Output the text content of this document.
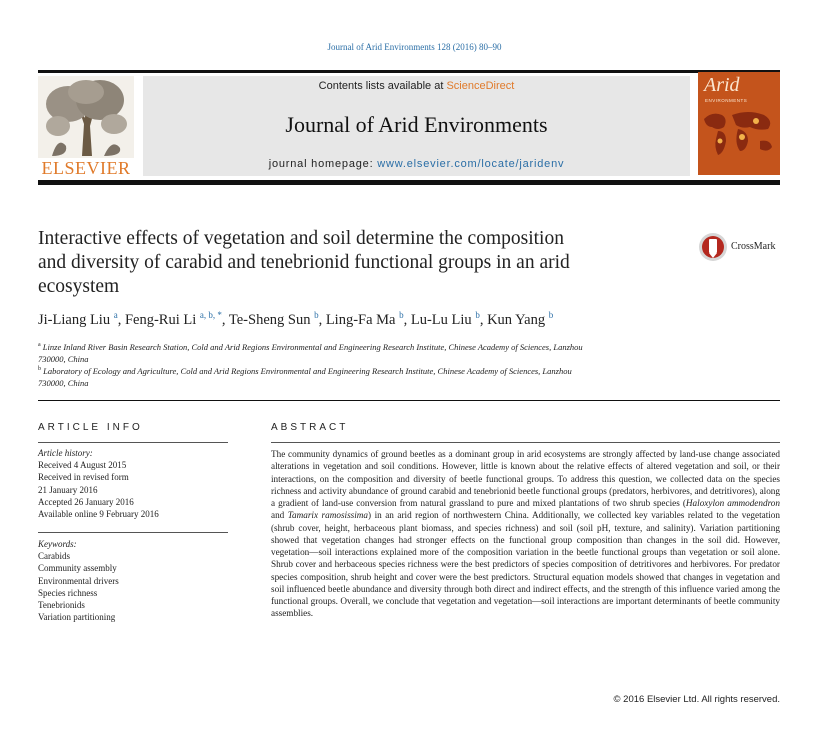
Journal of Arid Environments 128 (2016) 80–90
ELSEVIER
Contents lists available at ScienceDirect
Journal of Arid Environments
journal homepage: www.elsevier.com/locate/jaridenv
Arid
ENVIRONMENTS
Interactive effects of vegetation and soil determine the composition
and diversity of carabid and tenebrionid functional groups in an arid
ecosystem
CrossMark
Ji-Liang Liu $^a$, Feng-Rui Li $^{a, b, *}$, Te-Sheng Sun $^b$, Ling-Fa Ma $^b$, Lu-Lu Liu $^b$, Kun Yang $^b$
$^a$ Linze Inland River Basin Research Station, Cold and Arid Regions Environmental and Engineering Research Institute, Chinese Academy of Sciences, Lanzhou
730000, China
$^b$ Laboratory of Ecology and Agriculture, Cold and Arid Regions Environmental and Engineering Research Institute, Chinese Academy of Sciences, Lanzhou
730000, China
ARTICLE INFO
Article history:
Received 4 August 2015
Received in revised form
21 January 2016
Accepted 26 January 2016
Available online 9 February 2016
Keywords:
Carabids
Community assembly
Environmental drivers
Species richness
Tenebrionids
Variation partitioning
ABSTRACT
The community dynamics of ground beetles as a dominant group in arid ecosystems are strongly affected by land-use change associated alterations in vegetation and soil conditions. However, little is known about the relative effects of altered vegetation and soil, or their interactions, on the composition and diversity of beetle functional groups. To address this question, we collected data on the species richness and activity abundance of ground carabid and tenebrionid beetle functional groups (predators, herbivores, and detritivores), along a gradient of land-use conversion from natural grassland to pure and mixed plantations of two shrub species (Haloxylon ammodendron and Tamarix ramosissima) in an arid region of northwestern China. Additionally, we collected key variables related to the vegetation (shrub cover, height, herbaceous plant biomass, and species richness) and soil (soil pH, texture, and salinity). Variation partitioning showed that vegetation changes had stronger effects on the functional group composition than changes in the soil did. However, vegetation—soil interactions explained more of the composition variation in the beetle functional groups than vegetation or soil alone. Shrub cover and herbaceous species richness were the best predictors of species composition of detritivores and herbivores. For predator species composition, shrub height and cover were the best predictors. Structural equation models showed that changes in vegetation and soil influenced beetle abundance and diversity through both direct and indirect effects, and the strength of this influence varied among the functional groups. Overall, we conclude that vegetation and vegetation—soil interactions are important determinants of beetle community assemblies.
© 2016 Elsevier Ltd. All rights reserved.
